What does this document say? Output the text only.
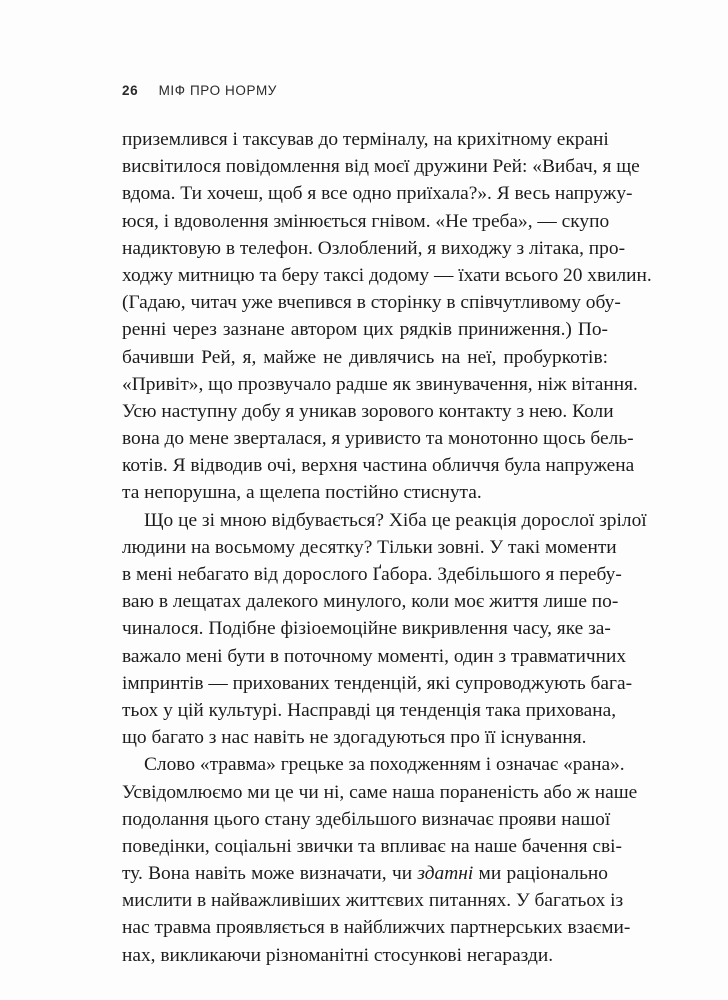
26 МІФ ПРО НОРМУ

приземлився і таксував до терміналу, на крихітному екрані
висвітилося повідомлення від моєї дружини Рей: «Вибач, я ще
вдома. Ти хочеш, щоб я все одно приїхала?». Я весь напружу-
юся, і вдоволення змінюється гнівом. «Не треба», — скупо
надиктовую в телефон. Озлоблений, я виходжу з літака, про-
ходжу митницю та беру таксі додому — їхати всього 20 хвилин.
(Гадаю, читач уже вчепився в сторінку в співчутливому обу-
ренні через зазнане автором цих рядків приниження.) По-
бачивши Рей, я, майже не дивлячись на неї, пробуркотів:
«Привіт», що прозвучало радше як звинувачення, ніж вітання.
Усю наступну добу я уникав зорового контакту з нею. Коли
вона до мене зверталася, я уривисто та монотонно щось бель-
котів. Я відводив очі, верхня частина обличчя була напружена
та непорушна, а щелепа постійно стиснута.

Що це зі мною відбувається? Хіба це реакція дорослої зрілої
людини на восьмому десятку? Тільки зовні. У такі моменти
в мені небагато від дорослого Ґабора. Здебільшого я перебу-
ваю в лещатах далекого минулого, коли моє життя лише по-
чиналося. Подібне фізіоемоційне викривлення часу, яке за-
важало мені бути в поточному моменті, один з травматичних
імпринтів — прихованих тенденцій, які супроводжують бага-
тьох у цій культурі. Насправді ця тенденція така прихована,
що багато з нас навіть не здогадуються про її існування.

Слово «травма» грецьке за походженням і означає «рана».
Усвідомлюємо ми це чи ні, саме наша пораненість або ж наше
подолання цього стану здебільшого визначає прояви нашої
поведінки, соціальні звички та впливає на наше бачення сві-
ту. Вона навіть може визначати, чи здатні ми раціонально
мислити в найважливіших життєвих питаннях. У багатьох із
нас травма проявляється в найближчих партнерських взаєми-
нах, викликаючи різноманітні стосункові негаразди.
